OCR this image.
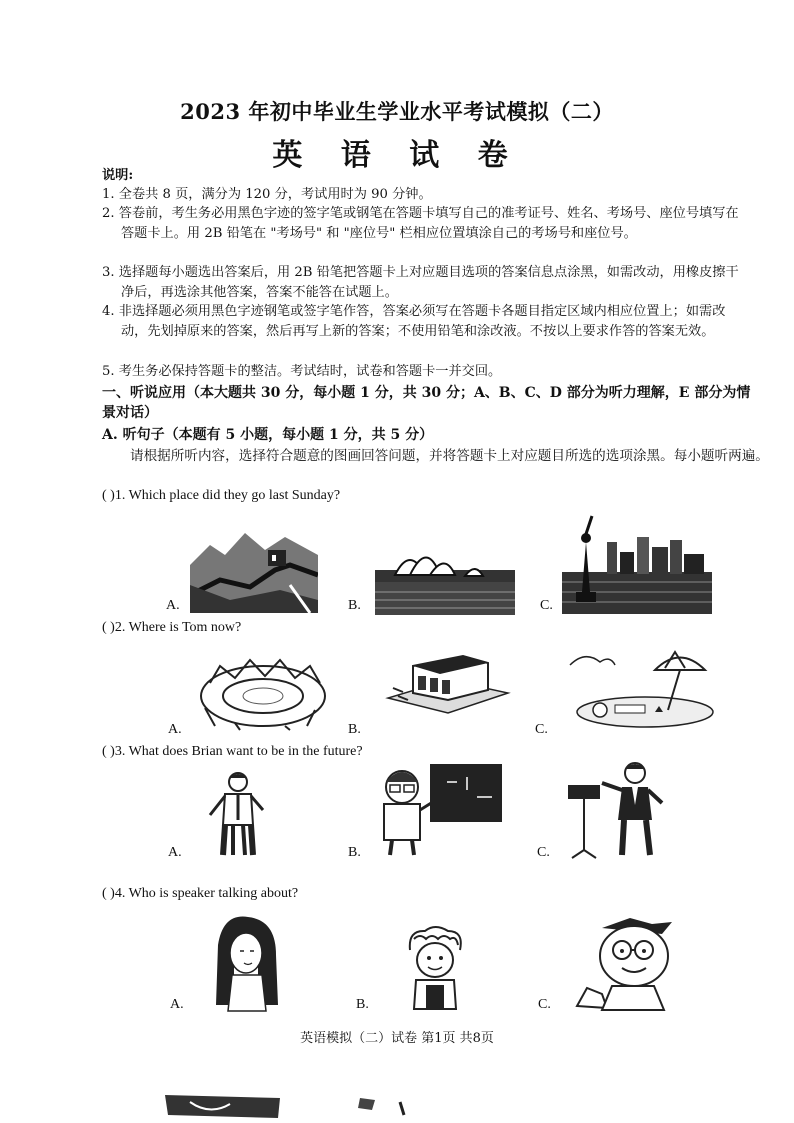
2023 年初中毕业生学业水平考试模拟（二）
英 语 试 卷
说明:
1. 全卷共 8 页，满分为 120 分，考试用时为 90 分钟。
2. 答卷前，考生务必用黑色字迹的签字笔或钢笔在答题卡填写自己的准考证号、姓名、考场号、座位号填写在答题卡上。用 2B 铅笔在 "考场号" 和 "座位号" 栏相应位置填涂自己的考场号和座位号。
3. 选择题每小题选出答案后，用 2B 铅笔把答题卡上对应题目选项的答案信息点涂黑，如需改动，用橡皮擦干净后，再选涂其他答案，答案不能答在试题上。
4. 非选择题必须用黑色字迹钢笔或签字笔作答，答案必须写在答题卡各题目指定区域内相应位置上；如需改动，先划掉原来的答案，然后再写上新的答案；不使用铅笔和涂改液。不按以上要求作答的答案无效。
5. 考生务必保持答题卡的整洁。考试结时，试卷和答题卡一并交回。
一、听说应用（本大题共 30 分，每小题 1 分，共 30 分；A、B、C、D 部分为听力理解，E 部分为情景对话）
A. 听句子（本题有 5 小题，每小题 1 分，共 5 分）
请根据所听内容，选择符合题意的图画回答问题，并将答题卡上对应题目所选的选项涂黑。每小题听两遍。
( )1. Which place did they go last Sunday?
A.	B.	C.
( )2. Where is Tom now?
A.	B.	C.
( )3. What does Brian want to be in the future?
A.	B.	C.
( )4. Who is speaker talking about?
A.	B.	C.
英语模拟（二）试卷 第1页 共8页
